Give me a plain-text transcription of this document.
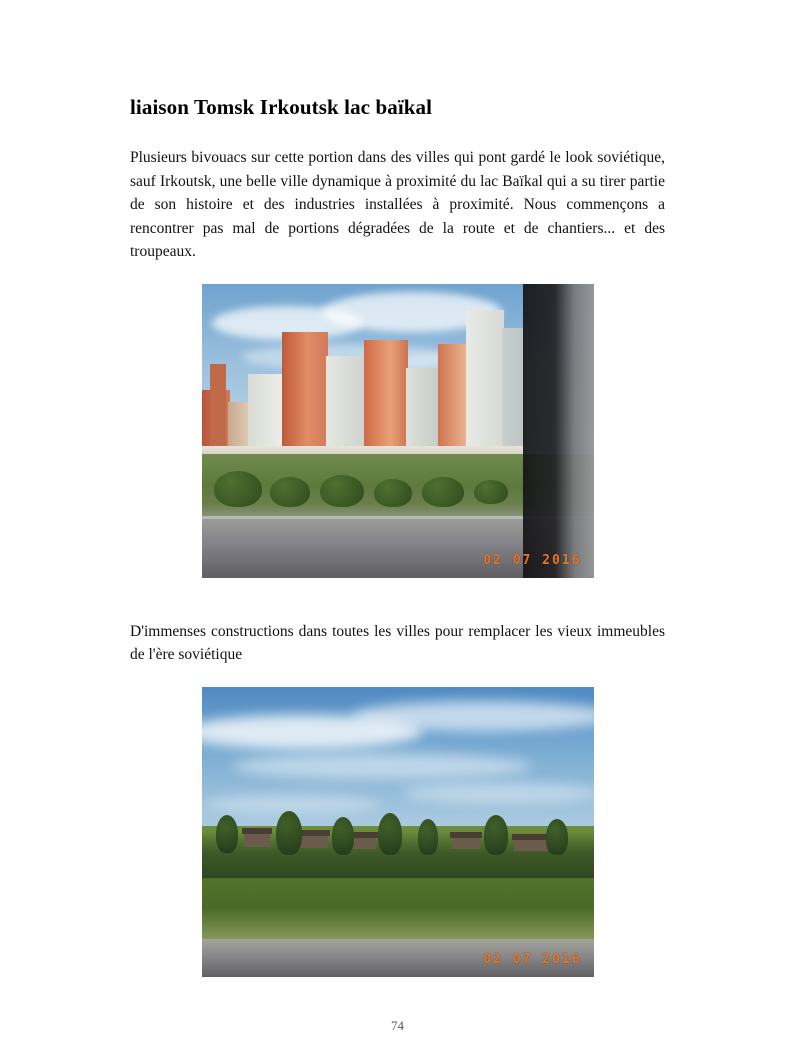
liaison Tomsk Irkoutsk lac baïkal

Plusieurs bivouacs sur cette portion dans des villes qui pont gardé le look soviétique, sauf Irkoutsk, une belle ville dynamique à proximité du lac Baïkal qui a su tirer partie de son histoire et des industries installées à proximité. Nous commençons a rencontrer pas mal de portions dégradées de la route et de chantiers... et des troupeaux.

02 07 2016

D'immenses constructions dans toutes les villes pour remplacer les vieux immeubles de l'ère soviétique

02 07 2016
74
